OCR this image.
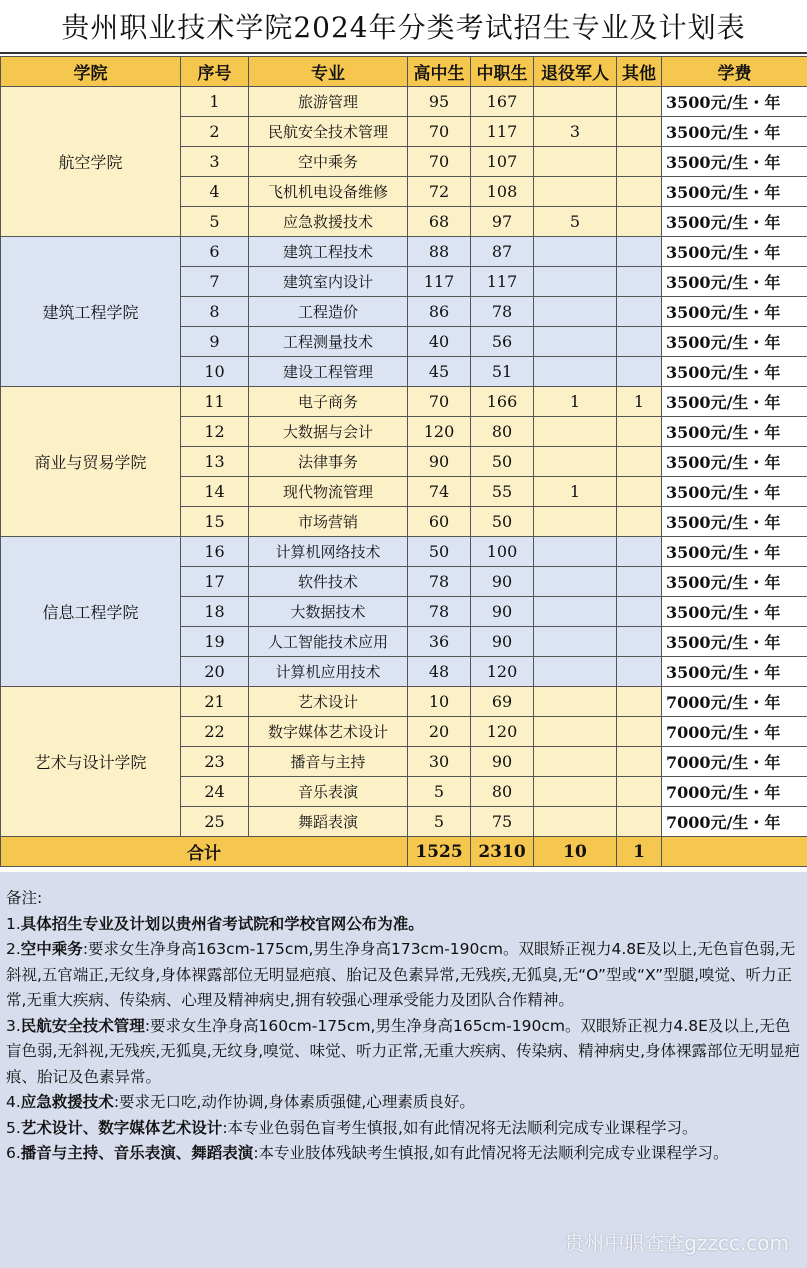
贵州职业技术学院2024年分类考试招生专业及计划表
学院	序号	专业	高中生	中职生	退役军人	其他	学费
航空学院	1	旅游管理	95	167			3500元/生・年
	2	民航安全技术管理	70	117	3		3500元/生・年
	3	空中乘务	70	107			3500元/生・年
	4	飞机机电设备维修	72	108			3500元/生・年
	5	应急救援技术	68	97	5		3500元/生・年
建筑工程学院	6	建筑工程技术	88	87			3500元/生・年
	7	建筑室内设计	117	117			3500元/生・年
	8	工程造价	86	78			3500元/生・年
	9	工程测量技术	40	56			3500元/生・年
	10	建设工程管理	45	51			3500元/生・年
商业与贸易学院	11	电子商务	70	166	1	1	3500元/生・年
	12	大数据与会计	120	80			3500元/生・年
	13	法律事务	90	50			3500元/生・年
	14	现代物流管理	74	55	1		3500元/生・年
	15	市场营销	60	50			3500元/生・年
信息工程学院	16	计算机网络技术	50	100			3500元/生・年
	17	软件技术	78	90			3500元/生・年
	18	大数据技术	78	90			3500元/生・年
	19	人工智能技术应用	36	90			3500元/生・年
	20	计算机应用技术	48	120			3500元/生・年
艺术与设计学院	21	艺术设计	10	69			7000元/生・年
	22	数字媒体艺术设计	20	120			7000元/生・年
	23	播音与主持	30	90			7000元/生・年
	24	音乐表演	5	80			7000元/生・年
	25	舞蹈表演	5	75			7000元/生・年
合计			1525	2310	10	1	

备注:

1.具体招生专业及计划以贵州省考试院和学校官网公布为准。

2.空中乘务:要求女生净身高163cm-175cm,男生净身高173cm-190cm。双眼矫正视力4.8E及以上,无色盲色弱,无斜视,五官端正,无纹身,身体裸露部位无明显疤痕、胎记及色素异常,无残疾,无狐臭,无“O”型或“X”型腿,嗅觉、听力正常,无重大疾病、传染病、心理及精神病史,拥有较强心理承受能力及团队合作精神。

3.民航安全技术管理:要求女生净身高160cm-175cm,男生净身高165cm-190cm。双眼矫正视力4.8E及以上,无色盲色弱,无斜视,无残疾,无狐臭,无纹身,嗅觉、味觉、听力正常,无重大疾病、传染病、精神病史,身体裸露部位无明显疤痕、胎记及色素异常。

4.应急救援技术:要求无口吃,动作协调,身体素质强健,心理素质良好。

5.艺术设计、数字媒体艺术设计:本专业色弱色盲考生慎报,如有此情况将无法顺利完成专业课程学习。

6.播音与主持、音乐表演、舞蹈表演:本专业肢体残缺考生慎报,如有此情况将无法顺利完成专业课程学习。

贵州中职查查gzzcc.com
